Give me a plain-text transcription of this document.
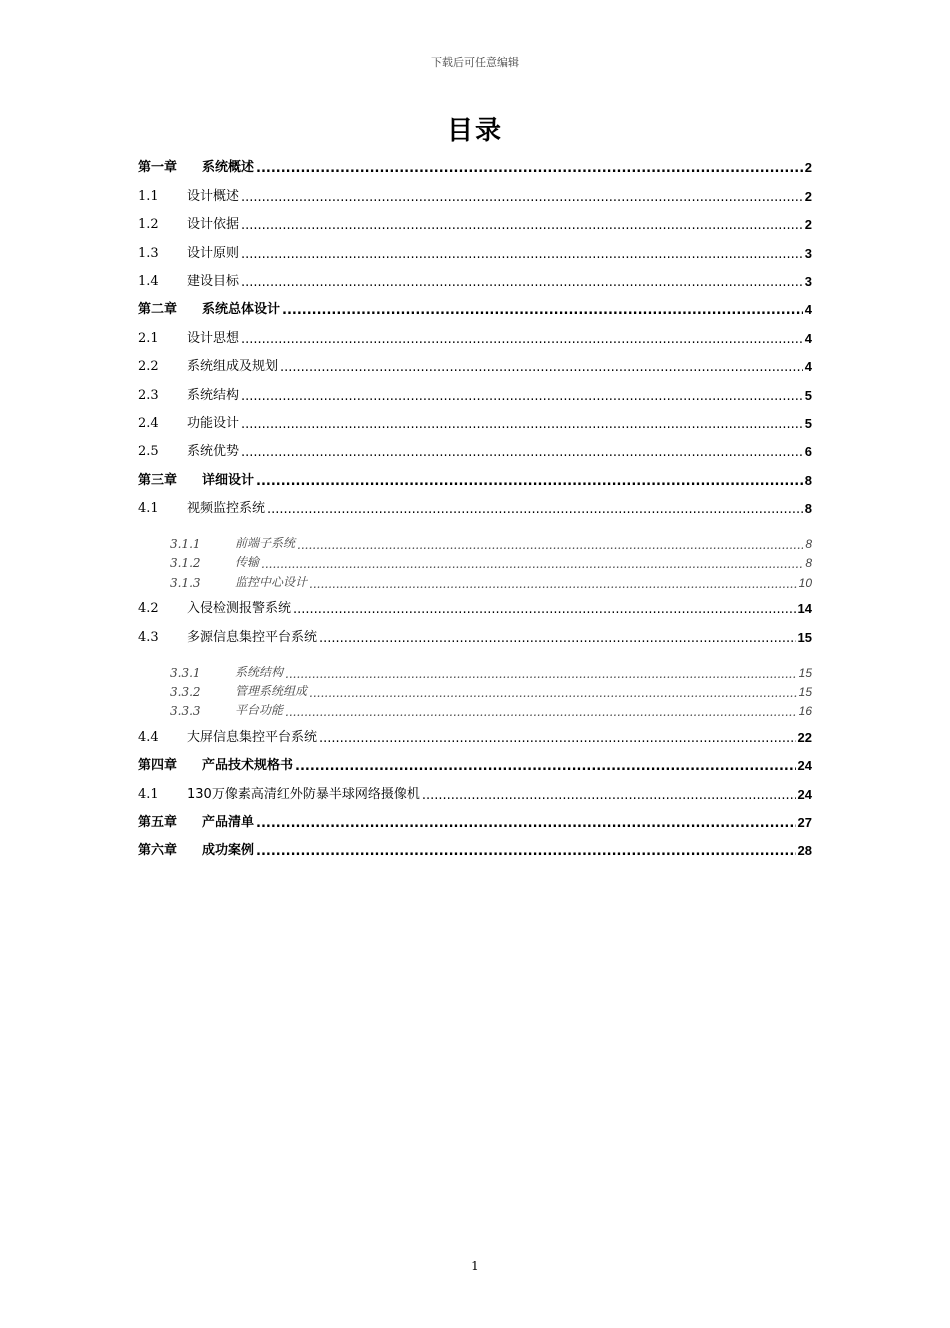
下载后可任意编辑
目录
第一章	系统概述 .....	2
1.1	设计概述 .....	2
1.2	设计依据 .....	2
1.3	设计原则 .....	3
1.4	建设目标 .....	3
第二章	系统总体设计 .....	4
2.1	设计思想 .....	4
2.2	系统组成及规划 .....	4
2.3	系统结构 .....	5
2.4	功能设计 .....	5
2.5	系统优势 .....	6
第三章	详细设计 .....	8
4.1	视频监控系统 .....	8
3.1.1	前端子系统 .....	8
3.1.2	传输 .....	8
3.1.3	监控中心设计 .....	10
4.2	入侵检测报警系统 .....	14
4.3	多源信息集控平台系统 .....	15
3.3.1	系统结构 .....	15
3.3.2	管理系统组成 .....	15
3.3.3	平台功能 .....	16
4.4	大屏信息集控平台系统 .....	22
第四章	产品技术规格书 .....	24
4.1	130万像素高清红外防暴半球网络摄像机 .....	24
第五章	产品清单 .....	27
第六章	成功案例 .....	28
1
